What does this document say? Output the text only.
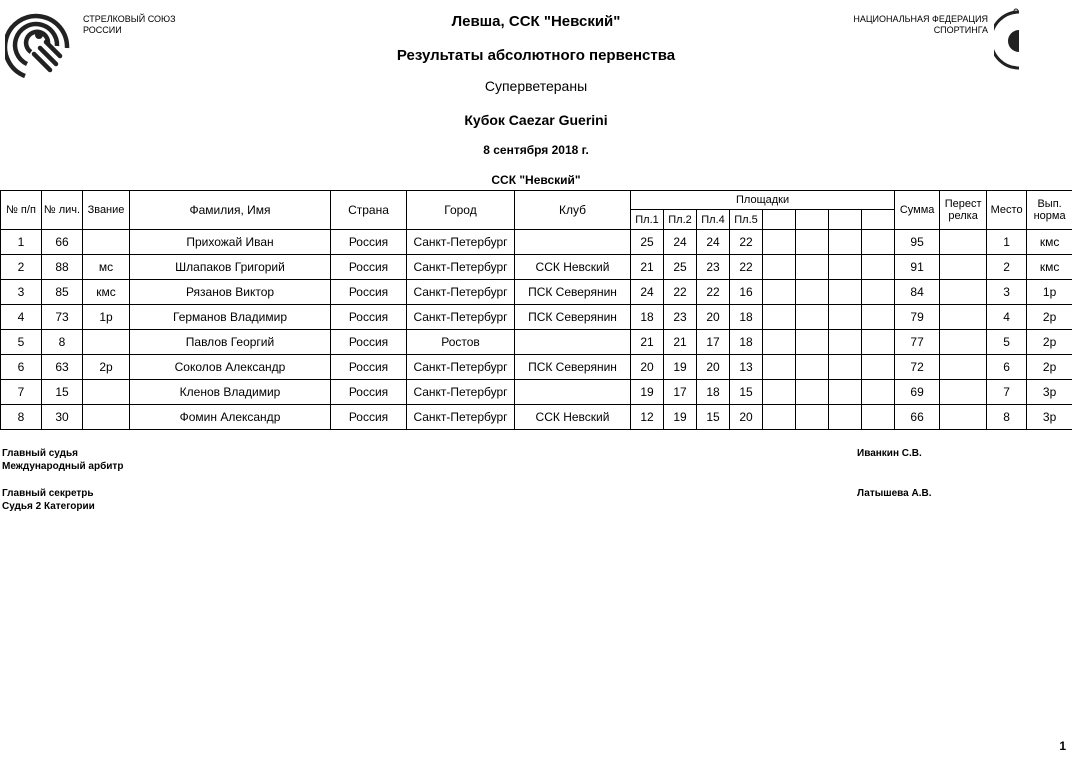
СТРЕЛКОВЫЙ СОЮЗ
РОССИИ
НАЦИОНАЛЬНАЯ ФЕДЕРАЦИЯ
СПОРТИНГА
Левша, ССК "Невский"
Результаты абсолютного первенства
Суперветераны
Кубок Caezar Guerini
8 сентября 2018 г.
ССК "Невский"
№ п/п	№ лич.	Звание	Фамилия, Имя	Страна	Город	Клуб	Площадки								Сумма	Перест релка	Место	Вып. норма
							Пл.1	Пл.2	Пл.4	Пл.5								
1	66		Прихожай Иван	Россия	Санкт-Петербург		25	24	24	22					95		1	кмс
2	88	мс	Шлапаков Григорий	Россия	Санкт-Петербург	ССК Невский	21	25	23	22					91		2	кмс
3	85	кмс	Рязанов Виктор	Россия	Санкт-Петербург	ПСК Северянин	24	22	22	16					84		3	1р
4	73	1р	Германов Владимир	Россия	Санкт-Петербург	ПСК Северянин	18	23	20	18					79		4	2р
5	8		Павлов Георгий	Россия	Ростов		21	21	17	18					77		5	2р
6	63	2р	Соколов Александр	Россия	Санкт-Петербург	ПСК Северянин	20	19	20	13					72		6	2р
7	15		Кленов Владимир	Россия	Санкт-Петербург		19	17	18	15					69		7	3р
8	30		Фомин Александр	Россия	Санкт-Петербург	ССК Невский	12	19	15	20					66		8	3р
Главный судья
Международный арбитр
Иванкин С.В.
Главный секретрь
Судья 2 Категории
Латышева А.В.
1
